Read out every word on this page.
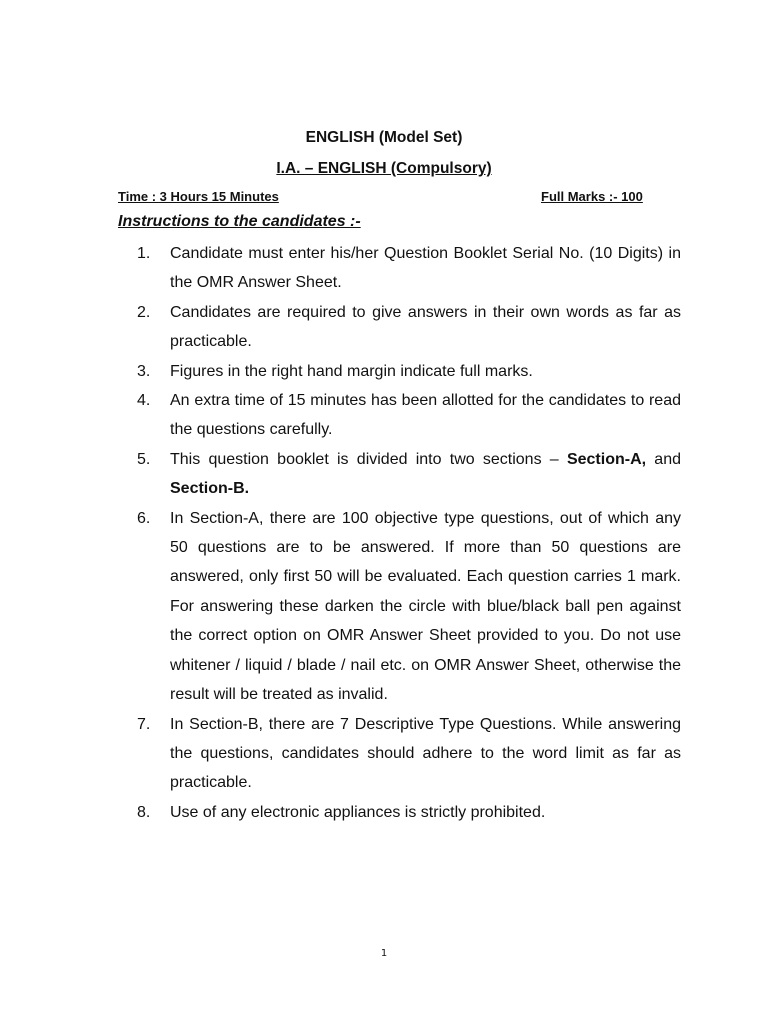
ENGLISH (Model Set)
I.A. – ENGLISH (Compulsory)
Time : 3 Hours 15 Minutes	Full Marks :- 100
Instructions to the candidates :-
1.	Candidate must enter his/her Question Booklet Serial No. (10 Digits) in the OMR Answer Sheet.
2.	Candidates are required to give answers in their own words as far as practicable.
3.	Figures in the right hand margin indicate full marks.
4.	An extra time of 15 minutes has been allotted for the candidates to read the questions carefully.
5.	This question booklet is divided into two sections – Section-A, and Section-B.
6.	In Section-A, there are 100 objective type questions, out of which any 50 questions are to be answered. If more than 50 questions are answered, only first 50 will be evaluated. Each question carries 1 mark. For answering these darken the circle with blue/black ball pen against the correct option on OMR Answer Sheet provided to you. Do not use whitener / liquid / blade / nail etc. on OMR Answer Sheet, otherwise the result will be treated as invalid.
7.	In Section-B, there are 7 Descriptive Type Questions. While answering the questions, candidates should adhere to the word limit as far as practicable.
8.	Use of any electronic appliances is strictly prohibited.
1
